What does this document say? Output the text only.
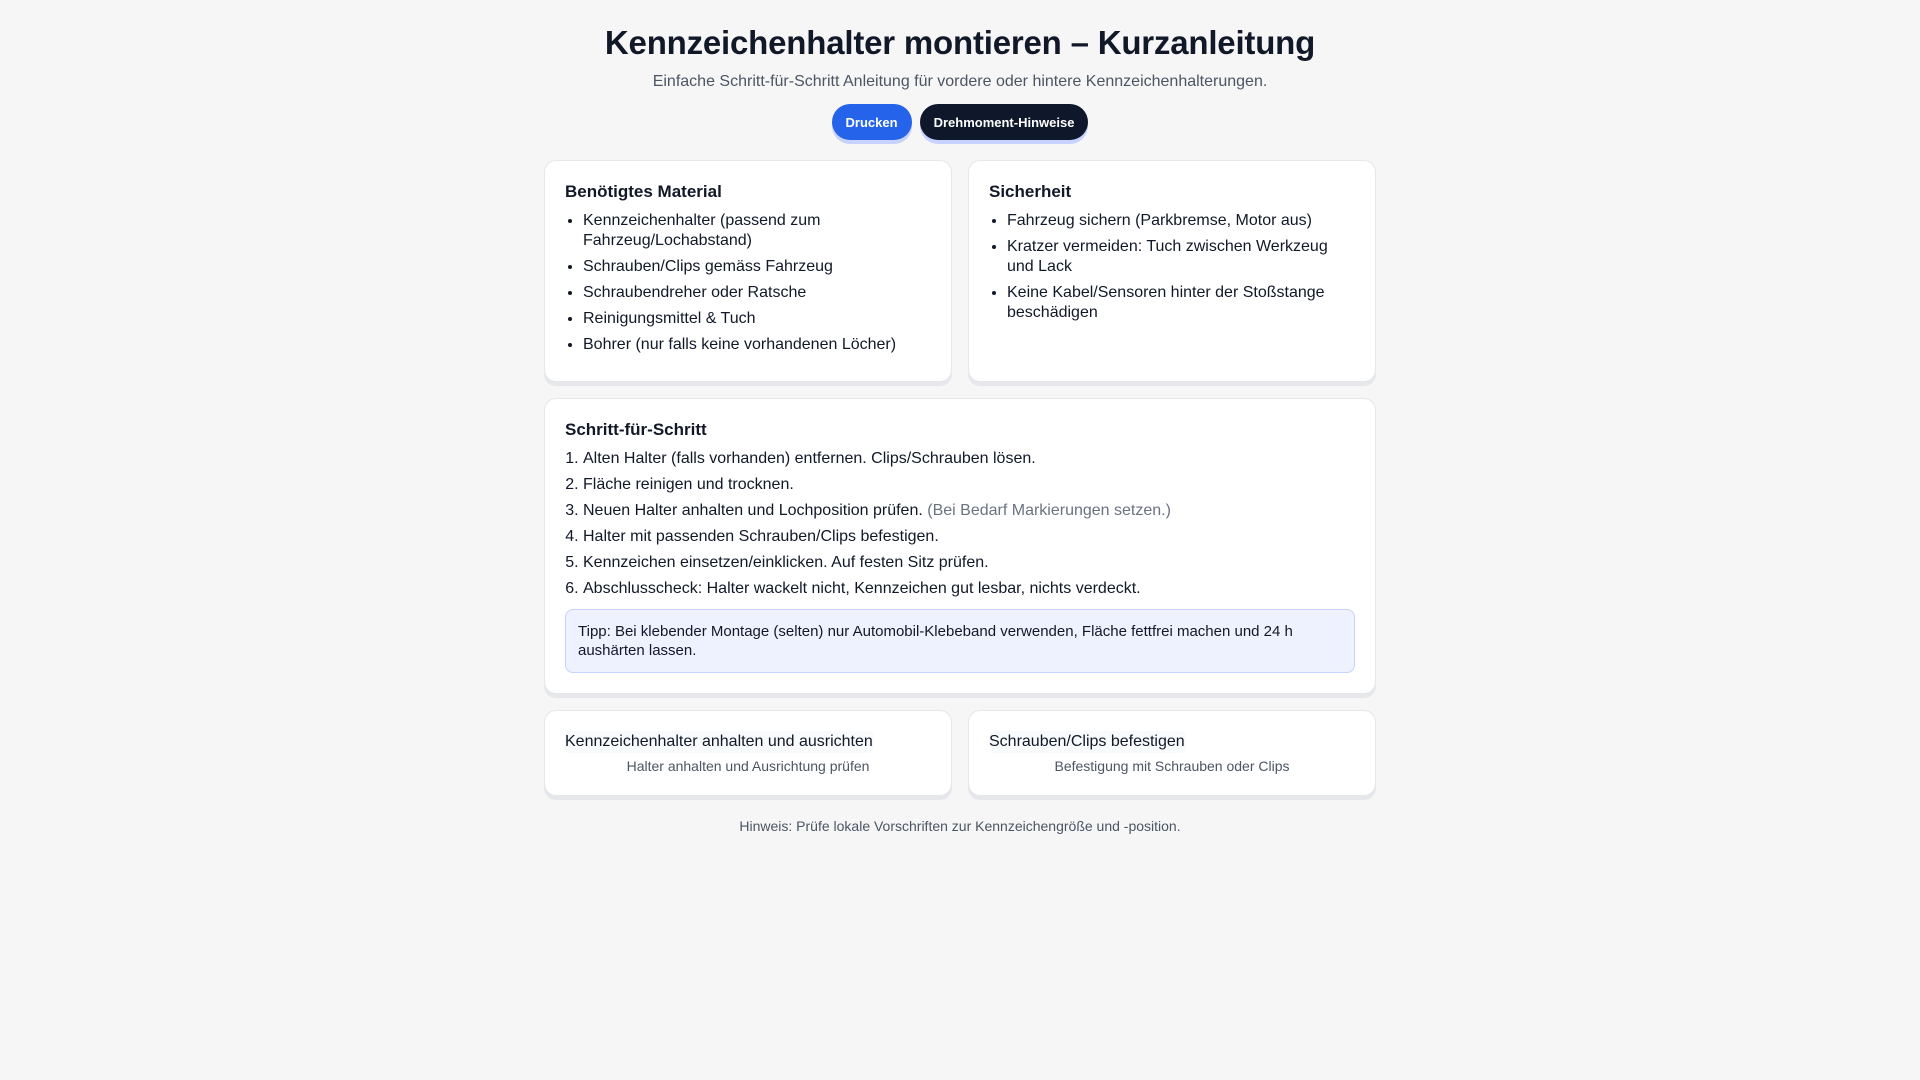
Kennzeichenhalter montieren – Kurzanleitung

Einfache Schritt-für-Schritt Anleitung für vordere oder hintere Kennzeichenhalterungen.

Drucken	Drehmoment-Hinweise
Benötigtes Material
• Kennzeichenhalter (passend zum Fahrzeug/Lochabstand)
• Schrauben/Clips gemäss Fahrzeug
• Schraubendreher oder Ratsche
• Reinigungsmittel & Tuch
• Bohrer (nur falls keine vorhandenen Löcher)
Sicherheit
• Fahrzeug sichern (Parkbremse, Motor aus)
• Kratzer vermeiden: Tuch zwischen Werkzeug und Lack
• Keine Kabel/Sensoren hinter der Stoßstange beschädigen
Schritt-für-Schritt
1. Alten Halter (falls vorhanden) entfernen. Clips/Schrauben lösen.
2. Fläche reinigen und trocknen.
3. Neuen Halter anhalten und Lochposition prüfen. (Bei Bedarf Markierungen setzen.)
4. Halter mit passenden Schrauben/Clips befestigen.
5. Kennzeichen einsetzen/einklicken. Auf festen Sitz prüfen.
6. Abschlusscheck: Halter wackelt nicht, Kennzeichen gut lesbar, nichts verdeckt.
Tipp: Bei klebender Montage (selten) nur Automobil-Klebeband verwenden, Fläche fettfrei machen und 24 h aushärten lassen.
Kennzeichenhalter anhalten und ausrichten
Halter anhalten und Ausrichtung prüfen
Schrauben/Clips befestigen
Befestigung mit Schrauben oder Clips
Hinweis: Prüfe lokale Vorschriften zur Kennzeichengröße und -position.
